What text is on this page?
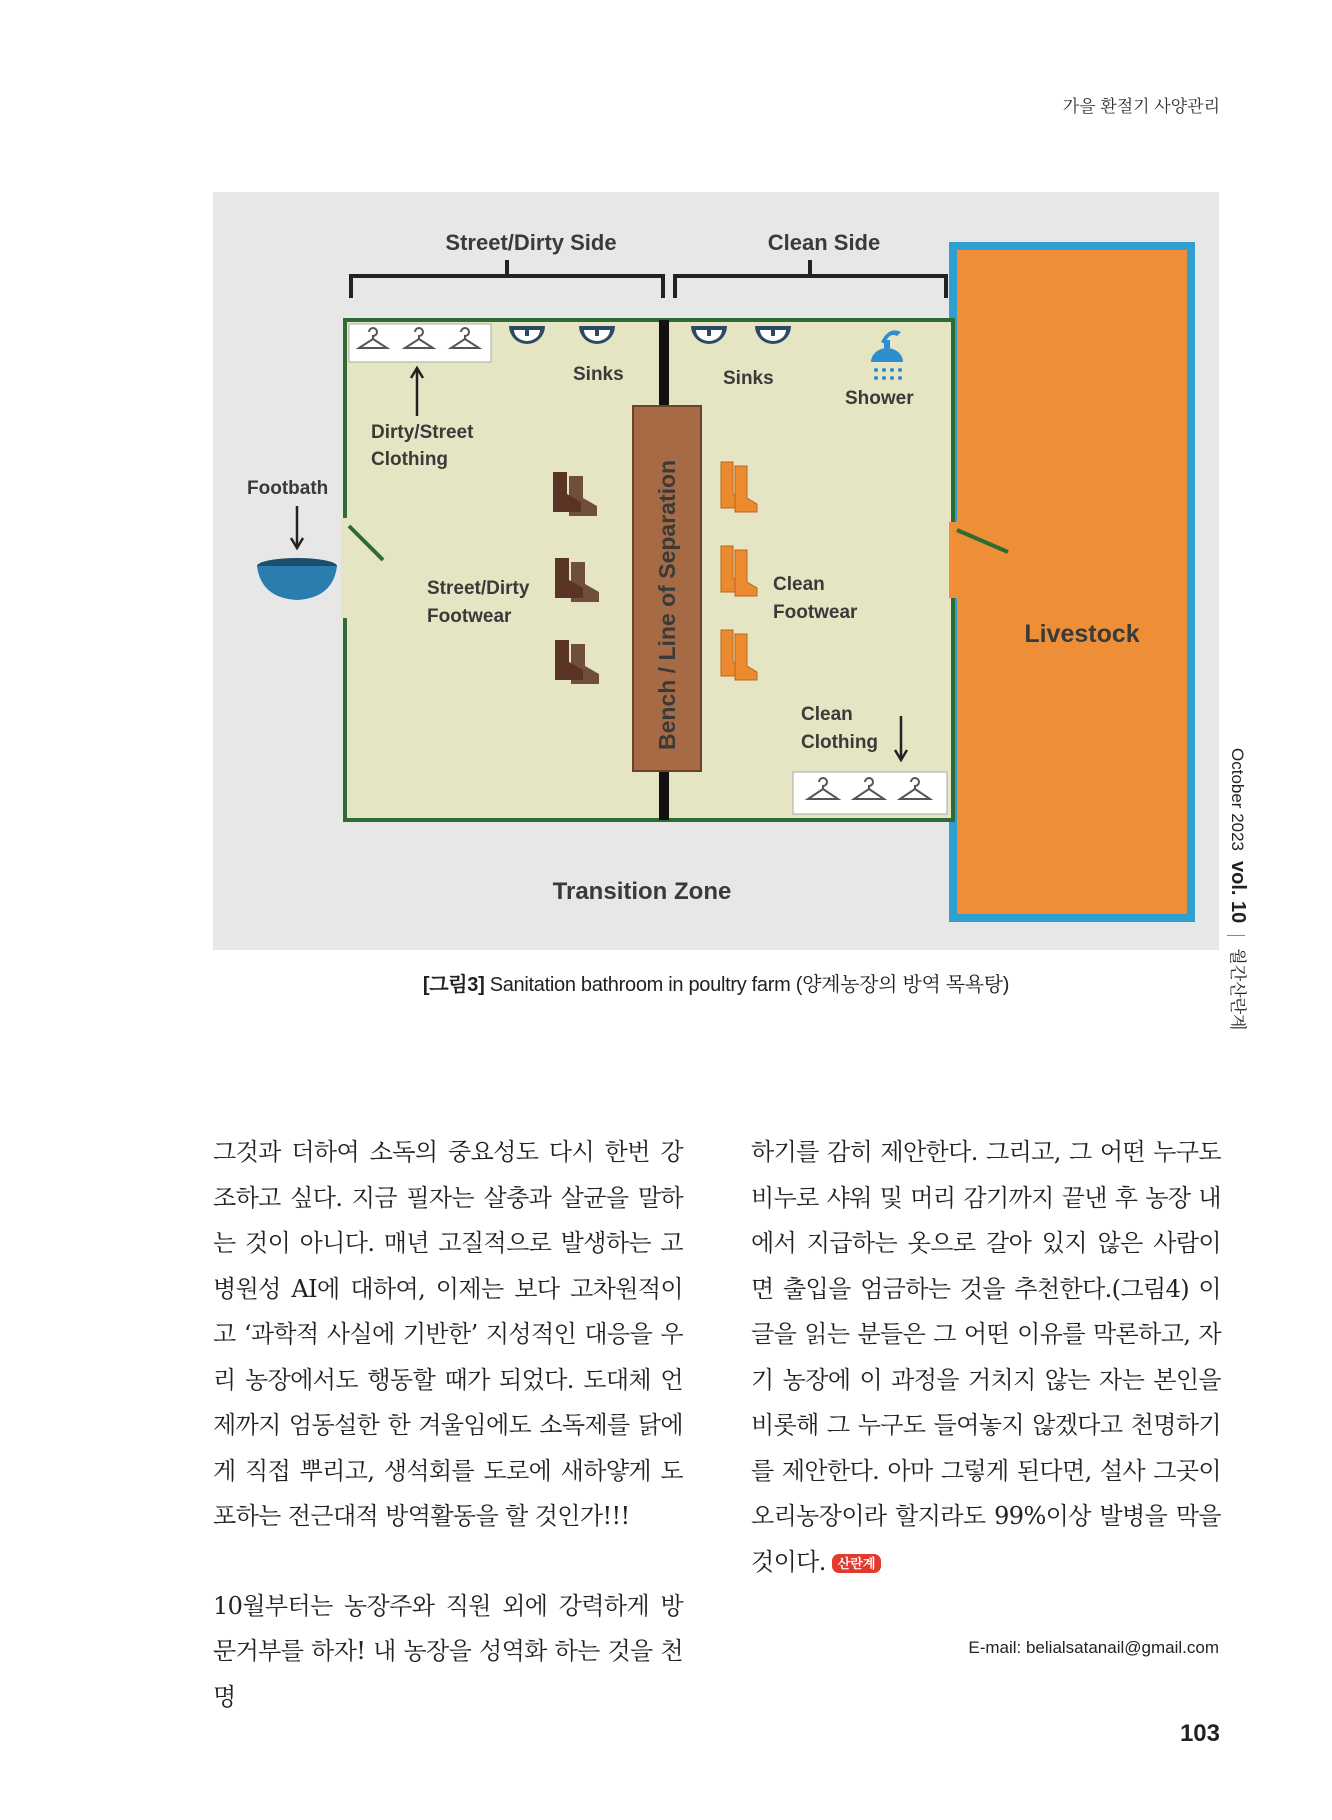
가을 환절기 사양관리
Livestock
Bench / Line of Separation
Street/Dirty Side	Clean Side
Dirty/Street
Clothing
Sinks	Sinks
Shower
Footbath
Street/Dirty
Footwear
Clean
Footwear
Clean
Clothing
Transition Zone
[그림3] Sanitation bathroom in poultry farm (양계농장의 방역 목욕탕)
October 2023vol. 10월간산란계

그것과 더하여 소독의 중요성도 다시 한번 강조하고 싶다. 지금 필자는 살충과 살균을 말하는 것이 아니다. 매년 고질적으로 발생하는 고병원성 AI에 대하여, 이제는 보다 고차원적이고 ‘과학적 사실에 기반한’ 지성적인 대응을 우리 농장에서도 행동할 때가 되었다. 도대체 언제까지 엄동설한 한 겨울임에도 소독제를 닭에게 직접 뿌리고, 생석회를 도로에 새하얗게 도포하는 전근대적 방역활동을 할 것인가!!!

10월부터는 농장주와 직원 외에 강력하게 방문거부를 하자! 내 농장을 성역화 하는 것을 천명

하기를 감히 제안한다. 그리고, 그 어떤 누구도 비누로 샤워 및 머리 감기까지 끝낸 후 농장 내에서 지급하는 옷으로 갈아 있지 않은 사람이면 출입을 엄금하는 것을 추천한다.(그림4) 이 글을 읽는 분들은 그 어떤 이유를 막론하고, 자기 농장에 이 과정을 거치지 않는 자는 본인을 비롯해 그 누구도 들여놓지 않겠다고 천명하기를 제안한다. 아마 그렇게 된다면, 설사 그곳이 오리농장이라 할지라도 99%이상 발병을 막을 것이다. 산란계

E-mail: belialsatanail@gmail.com
103
